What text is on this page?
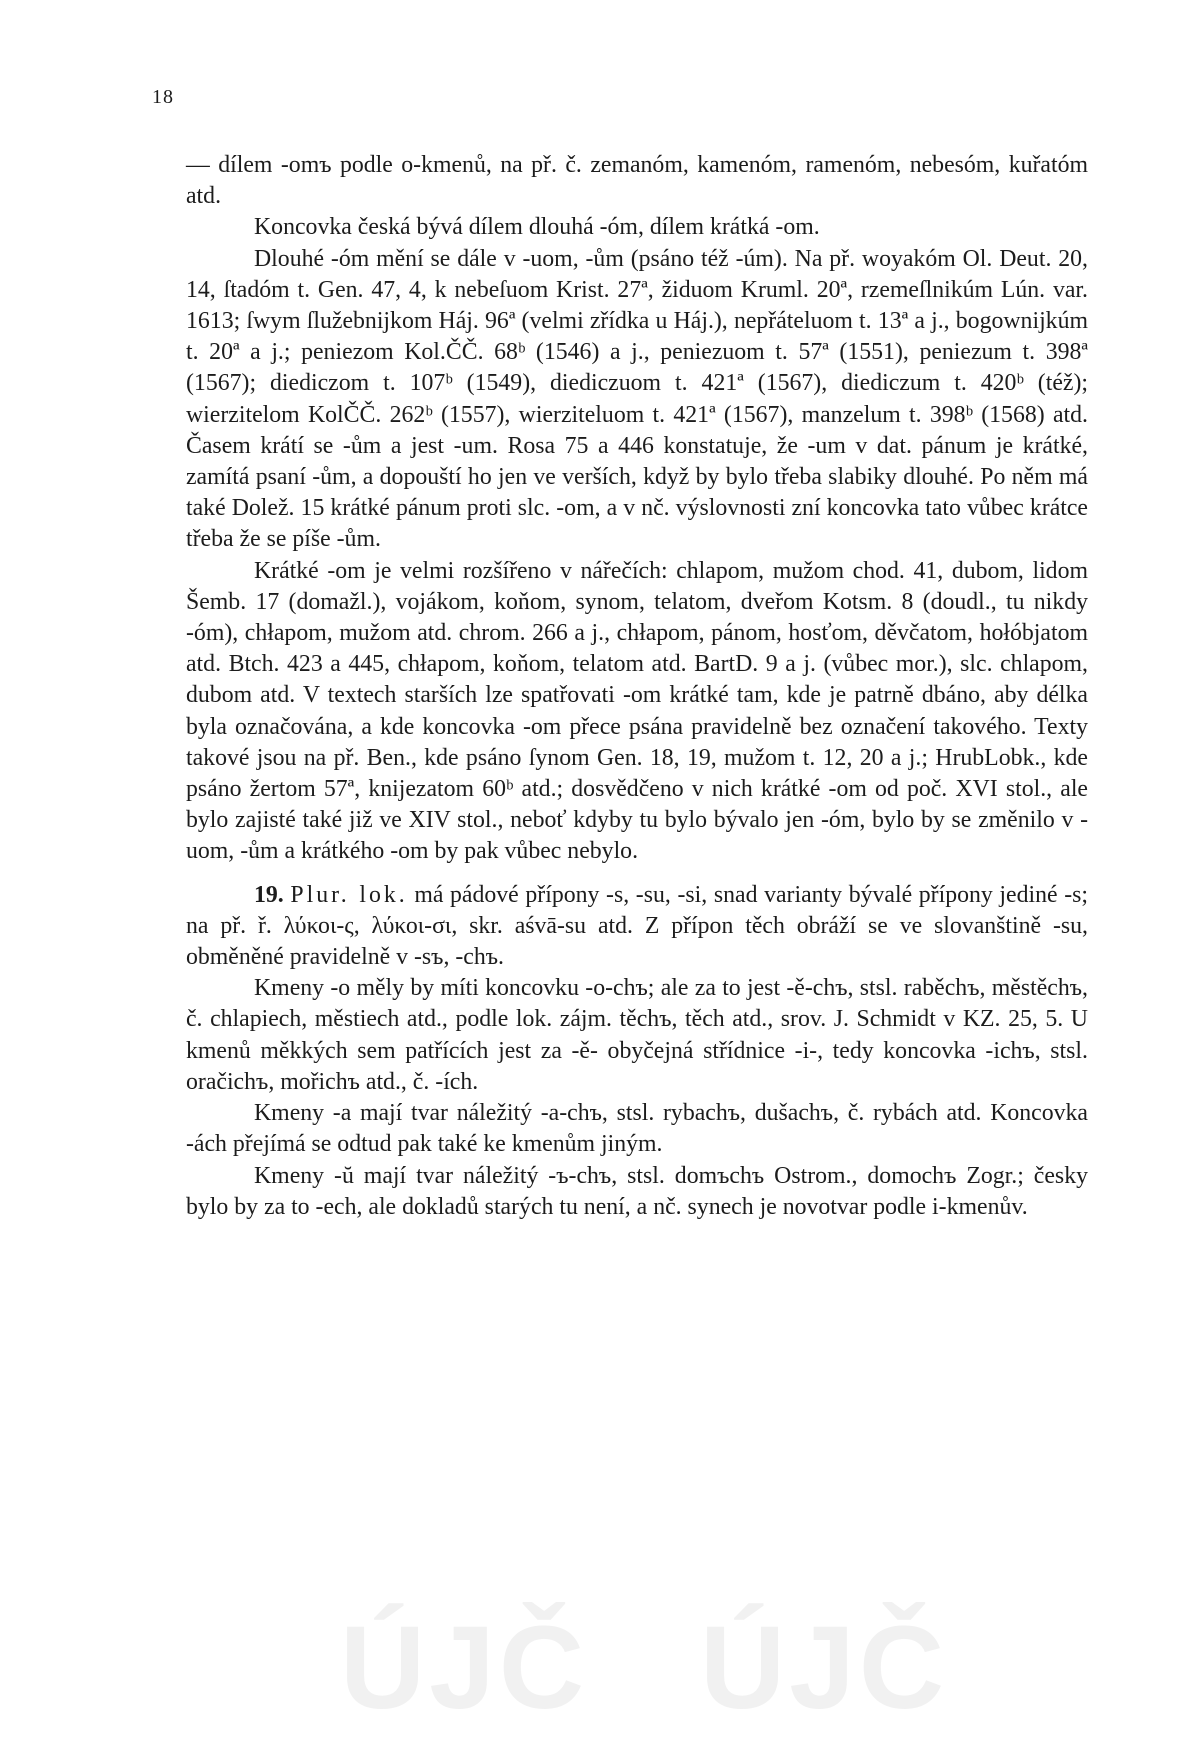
18

— dílem -omъ podle o-kmenů, na př. č. zemanóm, kamenóm, ramenóm, nebesóm, kuřatóm atd.

Koncovka česká bývá dílem dlouhá -óm, dílem krátká -om.

Dlouhé -óm mění se dále v -uom, -ům (psáno též -úm). Na př. woyakóm Ol. Deut. 20, 14, ſtadóm t. Gen. 47, 4, k nebeſuom Krist. 27ª, židuom Kruml. 20ª, rzemeſlnikúm Lún. var. 1613; ſwym ſlužebnijkom Háj. 96ª (velmi zřídka u Háj.), nepřáteluom t. 13ª a j., bogownijkúm t. 20ª a j.; peniezom Kol.ČČ. 68ᵇ (1546) a j., peniezuom t. 57ª (1551), peniezum t. 398ª (1567); diediczom t. 107ᵇ (1549), diediczuom t. 421ª (1567), diediczum t. 420ᵇ (též); wierzitelom KolČČ. 262ᵇ (1557), wierziteluom t. 421ª (1567), manzelum t. 398ᵇ (1568) atd. Časem krátí se -ům a jest -um. Rosa 75 a 446 konstatuje, že -um v dat. pánum je krátké, zamítá psaní -ům, a dopouští ho jen ve verších, když by bylo třeba slabiky dlouhé. Po něm má také Dolež. 15 krátké pánum proti slc. -om, a v nč. výslovnosti zní koncovka tato vůbec krátce třeba že se píše -ům.

Krátké -om je velmi rozšířeno v nářečích: chlapom, mužom chod. 41, dubom, lidom Šemb. 17 (domažl.), vojákom, koňom, synom, telatom, dveřom Kotsm. 8 (doudl., tu nikdy -óm), chłapom, mužom atd. chrom. 266 a j., chłapom, pánom, hosťom, děvčatom, hołóbjatom atd. Btch. 423 a 445, chłapom, koňom, telatom atd. BartD. 9 a j. (vůbec mor.), slc. chlapom, dubom atd. V textech starších lze spatřovati -om krátké tam, kde je patrně dbáno, aby délka byla označována, a kde koncovka -om přece psána pravidelně bez označení takového. Texty takové jsou na př. Ben., kde psáno ſynom Gen. 18, 19, mužom t. 12, 20 a j.; HrubLobk., kde psáno žertom 57ª, knijezatom 60ᵇ atd.; dosvědčeno v nich krátké -om od poč. XVI stol., ale bylo zajisté také již ve XIV stol., neboť kdyby tu bylo bývalo jen -óm, bylo by se změnilo v -uom, -ům a krátkého -om by pak vůbec nebylo.

19. Plur. lok. má pádové přípony -s, -su, -si, snad varianty bývalé přípony jediné -s; na př. ř. λύκοι-ς, λύκοι-σι, skr. aśvā-su atd. Z přípon těch obráží se ve slovanštině -su, obměněné pravidelně v -sъ, -chъ.

Kmeny -o měly by míti koncovku -o-chъ; ale za to jest -ě-chъ, stsl. raběchъ, městěchъ, č. chlapiech, městiech atd., podle lok. zájm. těchъ, těch atd., srov. J. Schmidt v KZ. 25, 5. U kmenů měkkých sem patřících jest za -ě- obyčejná střídnice -i-, tedy koncovka -ichъ, stsl. oračichъ, mořichъ atd., č. -ích.

Kmeny -a mají tvar náležitý -a-chъ, stsl. rybachъ, dušachъ, č. rybách atd. Koncovka -ách přejímá se odtud pak také ke kmenům jiným.

Kmeny -ŭ mají tvar náležitý -ъ-chъ, stsl. domъchъ Ostrom., domochъ Zogr.; česky bylo by za to -ech, ale dokladů starých tu není, a nč. synech je novotvar podle i-kmenův.

ÚJČ ÚJČ
